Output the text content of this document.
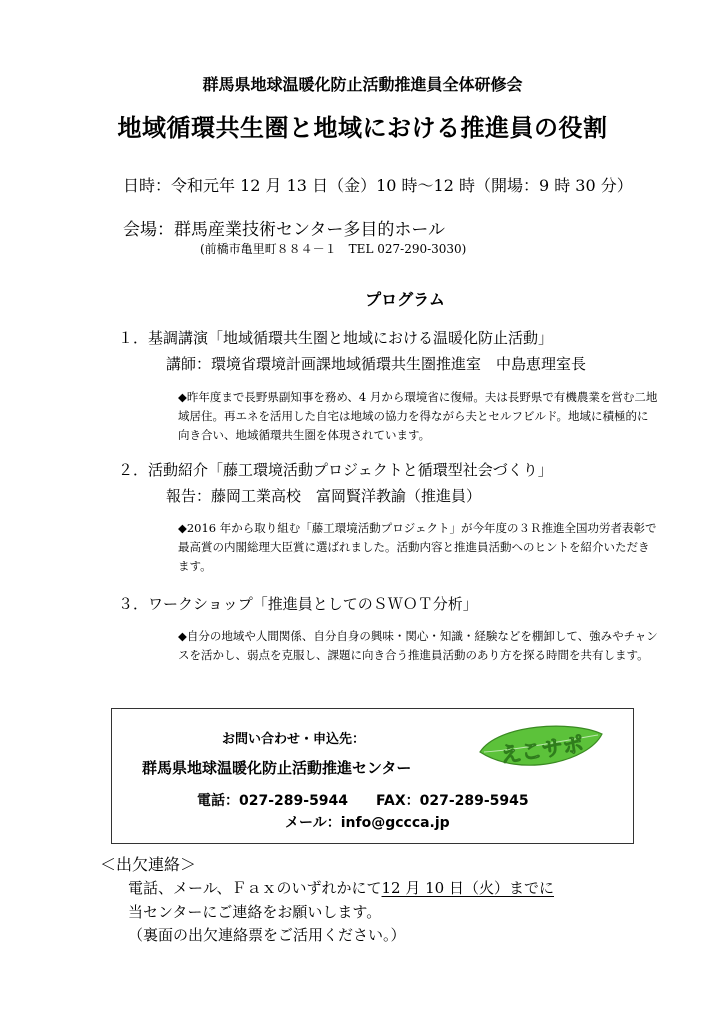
群馬県地球温暖化防止活動推進員全体研修会
地域循環共生圏と地域における推進員の役割
日時：令和元年 12 月 13 日（金）10 時〜12 時（開場：9 時 30 分）
会場：群馬産業技術センター多目的ホール
(前橋市亀里町８８４－１　TEL 027-290-3030)
プログラム
１．基調講演「地域循環共生圏と地域における温暖化防止活動」
講師：環境省環境計画課地域循環共生圏推進室　中島恵理室長
◆昨年度まで長野県副知事を務め、4 月から環境省に復帰。夫は長野県で有機農業を営む二地域居住。再エネを活用した自宅は地域の協力を得ながら夫とセルフビルド。地域に積極的に向き合い、地域循環共生圏を体現されています。
２．活動紹介「藤工環境活動プロジェクトと循環型社会づくり」
報告：藤岡工業高校　富岡賢洋教諭（推進員）
◆2016 年から取り組む「藤工環境活動プロジェクト」が今年度の３Ｒ推進全国功労者表彰で最高賞の内閣総理大臣賞に選ばれました。活動内容と推進員活動へのヒントを紹介いただきます。
３．ワークショップ「推進員としてのＳＷＯＴ分析」
◆自分の地域や人間関係、自分自身の興味・関心・知識・経験などを棚卸して、強みやチャンスを活かし、弱点を克服し、課題に向き合う推進員活動のあり方を探る時間を共有します。
お問い合わせ・申込先：
群馬県地球温暖化防止活動推進センター
電話：027-289-5944　　FAX：027-289-5945
メール：info@gccca.jp
えこサポ
＜出欠連絡＞
電話、メール、Ｆａｘのいずれかにて12 月 10 日（火）までに
当センターにご連絡をお願いします。
（裏面の出欠連絡票をご活用ください。）
